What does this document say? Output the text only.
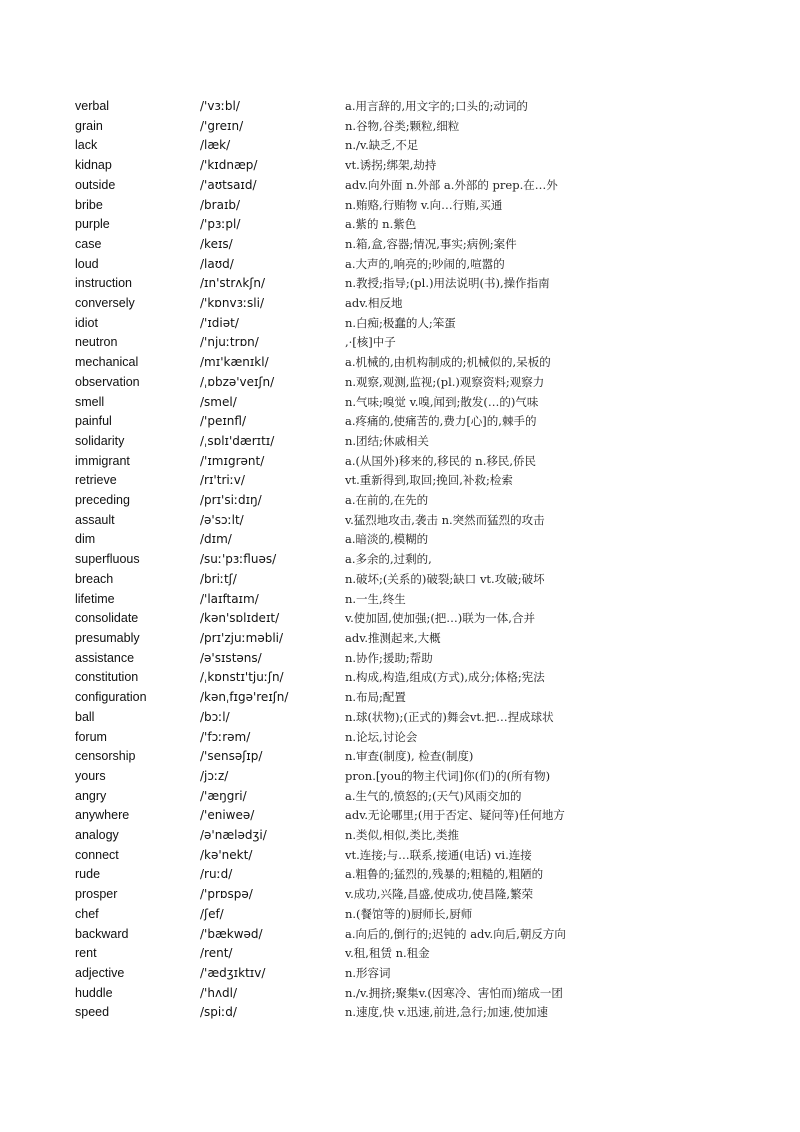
verbal	/'vɜːbl/	a.用言辞的,用文字的;口头的;动词的
grain	/'greɪn/	n.谷物,谷类;颗粒,细粒
lack	/læk/	n./v.缺乏,不足
kidnap	/'kɪdnæp/	vt.诱拐;绑架,劫持
outside	/'aʊtsaɪd/	adv.向外面 n.外部 a.外部的 prep.在…外
bribe	/braɪb/	n.贿赂,行贿物 v.向…行贿,买通
purple	/'pɜːpl/	a.紫的 n.紫色
case	/keɪs/	n.箱,盒,容器;情况,事实;病例;案件
loud	/laʊd/	a.大声的,响亮的;吵闹的,喧嚣的
instruction	/ɪn'strʌkʃn/	n.教授;指导;(pl.)用法说明(书),操作指南
conversely	/'kɒnvɜːsli/	adv.相反地
idiot	/'ɪdiət/	n.白痴;极蠢的人;笨蛋
neutron	/'njuːtrɒn/	,·[核]中子
mechanical	/mɪ'kænɪkl/	a.机械的,由机构制成的;机械似的,呆板的
observation	/ˌɒbzə'veɪʃn/	n.观察,观测,监视;(pl.)观察资料;观察力
smell	/smel/	n.气味;嗅觉 v.嗅,闻到;散发(…的)气味
painful	/'peɪnfl/	a.疼痛的,使痛苦的,费力[心]的,棘手的
solidarity	/ˌsɒlɪ'dærɪtɪ/	n.团结;休戚相关
immigrant	/'ɪmɪgrənt/	a.(从国外)移来的,移民的 n.移民,侨民
retrieve	/rɪ'triːv/	vt.重新得到,取回;挽回,补救;检索
preceding	/prɪ'siːdɪŋ/	a.在前的,在先的
assault	/ə'sɔːlt/	v.猛烈地攻击,袭击 n.突然而猛烈的攻击
dim	/dɪm/	a.暗淡的,模糊的
superfluous	/suː'pɜːfluəs/	a.多余的,过剩的,
breach	/briːtʃ/	n.破坏;(关系的)破裂;缺口 vt.攻破;破坏
lifetime	/'laɪftaɪm/	n.一生,终生
consolidate	/kən'sɒlɪdeɪt/	v.使加固,使加强;(把…)联为一体,合并
presumably	/prɪ'zjuːməbli/	adv.推测起来,大概
assistance	/ə'sɪstəns/	n.协作;援助;帮助
constitution	/ˌkɒnstɪ'tjuːʃn/	n.构成,构造,组成(方式),成分;体格;宪法
configuration	/kənˌfɪgə'reɪʃn/	n.布局;配置
ball	/bɔːl/	n.球(状物);(正式的)舞会vt.把…捏成球状
forum	/'fɔːrəm/	n.论坛,讨论会
censorship	/'sensəʃɪp/	n.审查(制度), 检查(制度)
yours	/jɔːz/	pron.[you的物主代词]你(们)的(所有物)
angry	/'æŋgri/	a.生气的,愤怒的;(天气)风雨交加的
anywhere	/'eniweə/	adv.无论哪里;(用于否定、疑问等)任何地方
analogy	/ə'nælədʒi/	n.类似,相似,类比,类推
connect	/kə'nekt/	vt.连接;与…联系,接通(电话) vi.连接
rude	/ruːd/	a.粗鲁的;猛烈的,残暴的;粗糙的,粗陋的
prosper	/'prɒspə/	v.成功,兴隆,昌盛,使成功,使昌隆,繁荣
chef	/ʃef/	n.(餐馆等的)厨师长,厨师
backward	/'bækwəd/	a.向后的,倒行的;迟钝的 adv.向后,朝反方向
rent	/rent/	v.租,租赁 n.租金
adjective	/'ædʒɪktɪv/	n.形容词
huddle	/'hʌdl/	n./v.拥挤;聚集v.(因寒冷、害怕而)缩成一团
speed	/spiːd/	n.速度,快 v.迅速,前进,急行;加速,使加速
